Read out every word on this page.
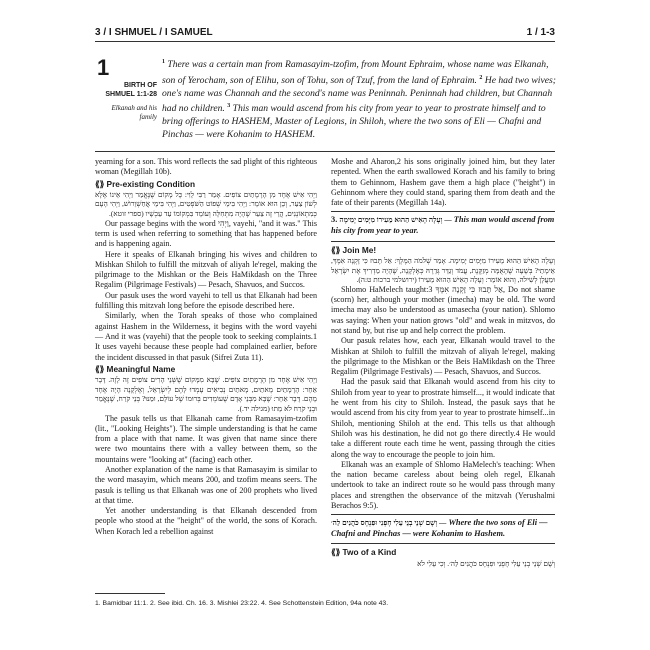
3 / I SHMUEL / I SAMUEL	1 / 1-3
1
BIRTH OF SHMUEL 1:1-28
Elkanah and his family
$^1$ There was a certain man from Ramasayim-tzofim, from Mount Ephraim, whose name was Elkanah, son of Yerocham, son of Elihu, son of Tohu, son of Tzuf, from the land of Ephraim. $^2$ He had two wives; one's name was Channah and the second's name was Peninnah. Peninnah had children, but Channah had no children. $^3$ This man would ascend from his city from year to year to prostrate himself and to bring offerings to HASHEM, Master of Legions, in Shiloh, where the two sons of Eli — Chafni and Pinchas — were Kohanim to HASHEM.

yearning for a son. This word reflects the sad plight of this righteous woman (Megillah 10b).

⟪⟫ Pre-existing Condition

וַיְהִי אִישׁ אֶחָד מִן הָרָמָתַיִם צוֹפִים. אָמַר רַבִּי לֵוִי: כָּל מָקוֹם שֶׁנֶּאֱמַר וַיְהִי אֵינוֹ אֶלָּא לְשׁוֹן צַעַר, וְכֵן הוּא אוֹמֵר: וַיְהִי בִּימֵי שְׁפוֹט הַשֹּׁפְטִים, וַיְהִי בִּימֵי אֲחַשְׁוֵרוֹשׁ, וַיְהִי הָעָם כְּמִתְאוֹנְנִים, הֲרֵי זֶה צַעַר שֶׁהָיָה מִתְּחִלָּה וְעוֹמֵד בִּמְקוֹמוֹ עַד עַכְשָׁיו (ספרי זוטא).

Our passage begins with the word וַיְהִי, vayehi, "and it was." This term is used when referring to something that has happened before and is happening again.

Here it speaks of Elkanah bringing his wives and children to Mishkan Shiloh to fulfill the mitzvah of aliyah le'regel, making the pilgrimage to the Mishkan or the Beis HaMikdash on the Three Regalim (Pilgrimage Festivals) — Pesach, Shavuos, and Succos.

Our pasuk uses the word vayehi to tell us that Elkanah had been fulfilling this mitzvah long before the episode described here.

Similarly, when the Torah speaks of those who complained against Hashem in the Wilderness, it begins with the word vayehi — And it was (vayehi) that the people took to seeking complaints.1 It uses vayehi because these people had complained earlier, before the incident discussed in that pasuk (Sifrei Zuta 11).

⟪⟫ Meaningful Name

וַיְהִי אִישׁ אֶחָד מִן הָרָמָתַיִם צוֹפִים. שֶׁבָּא מִמָּקוֹם שֶׁשְּׁנֵי הָרִים צוֹפִים זֶה לָזֶה. דָּבָר אַחֵר: הָרָמָתַיִם מָאתַיִם, מָאתַיִם נְבִיאִים עָמְדוּ לָהֶם לְיִשְׂרָאֵל, וְאֶלְקָנָה הָיָה אֶחָד מֵהֶם. דָּבָר אַחֵר: שֶׁבָּא מִבְּנֵי אָדָם שֶׁעוֹמְדִים בְּרוּמוֹ שֶׁל עוֹלָם, וּמַנּוּ? בְּנֵי קֹרַח, שֶׁנֶּאֱמַר וּבְנֵי קֹרַח לֹא מֵתוּ (מגילה יד.).

The pasuk tells us that Elkanah came from Ramasayim-tzofim (lit., "Looking Heights"). The simple understanding is that he came from a place with that name. It was given that name since there were two mountains there with a valley between them, so the mountains were "looking at" (facing) each other.

Another explanation of the name is that Ramasayim is similar to the word masayim, which means 200, and tzofim means seers. The pasuk is telling us that Elkanah was one of 200 prophets who lived at that time.

Yet another understanding is that Elkanah descended from people who stood at the "height" of the world, the sons of Korach. When Korach led a rebellion against

Moshe and Aharon,2 his sons originally joined him, but they later repented. When the earth swallowed Korach and his family to bring them to Gehinnom, Hashem gave them a high place ("height") in Gehinnom where they could stand, sparing them from death and the fate of their parents (Megillah 14a).

3. וְעָלָה הָאִישׁ הַהוּא מֵעִירוֹ מִיָּמִים יָמִימָה — This man would ascend from his city from year to year.

⟪⟫ Join Me!

וְעָלָה הָאִישׁ הַהוּא מֵעִירוֹ מִיָּמִים יָמִימָה. אָמַר שְׁלֹמֹה הַמֶּלֶךְ: אַל תָּבוּז כִּי זָקְנָה אִמֶּךָ, אֵימָתַי? בְּשָׁעָה שֶׁהָאֻמָּה מְזַקֶּנֶת, עֲמֹד וְגַדֵּר גְּדֵרָהּ כְּאֶלְקָנָה, שֶׁהָיָה מַדְרִיךְ אֶת יִשְׂרָאֵל וּמַעֲלָן לְשִׁילֹה, וְהוּא אוֹמֵר: וְעָלָה הָאִישׁ הַהוּא מֵעִירוֹ (ירושלמי ברכות ט:ה).

Shlomo HaMelech taught:3 אַל תָּבוּז כִּי זָקְנָה אִמֶּךָ, Do not shame (scorn) her, although your mother (imecha) may be old. The word imecha may also be understood as umasecha (your nation). Shlomo was saying: When your nation grows "old" and weak in mitzvos, do not stand by, but rise up and help correct the problem.

Our pasuk relates how, each year, Elkanah would travel to the Mishkan at Shiloh to fulfill the mitzvah of aliyah le'regel, making the pilgrimage to the Mishkan or the Beis HaMikdash on the Three Regalim (Pilgrimage Festivals) — Pesach, Shavuos, and Succos.

Had the pasuk said that Elkanah would ascend from his city to Shiloh from year to year to prostrate himself..., it would indicate that he went from his city to Shiloh. Instead, the pasuk says that he would ascend from his city from year to year to prostrate himself...in Shiloh, mentioning Shiloh at the end. This tells us that although Shiloh was his destination, he did not go there directly.4 He would take a different route each time he went, passing through the cities along the way to encourage the people to join him.

Elkanah was an example of Shlomo HaMelech's teaching: When the nation became careless about being oleh regel, Elkanah undertook to take an indirect route so he would pass through many places and strengthen the observance of the mitzvah (Yerushalmi Berachos 9:5).

וְשָׁם שְׁנֵי בְנֵי עֵלִי חָפְנִי וּפִנְחָס כֹּהֲנִים לַה׳ — Where the two sons of Eli — Chafni and Pinchas — were Kohanim to Hashem.

⟪⟫ Two of a Kind

וְשָׁם שְׁנֵי בְנֵי עֵלִי חָפְנִי וּפִנְחָס כֹּהֲנִים לַה׳. וְכִי עֵלִי לֹא

1. Bamidbar 11:1. 2. See ibid. Ch. 16. 3. Mishlei 23:22. 4. See Schottenstein Edition, 94a note 43.
